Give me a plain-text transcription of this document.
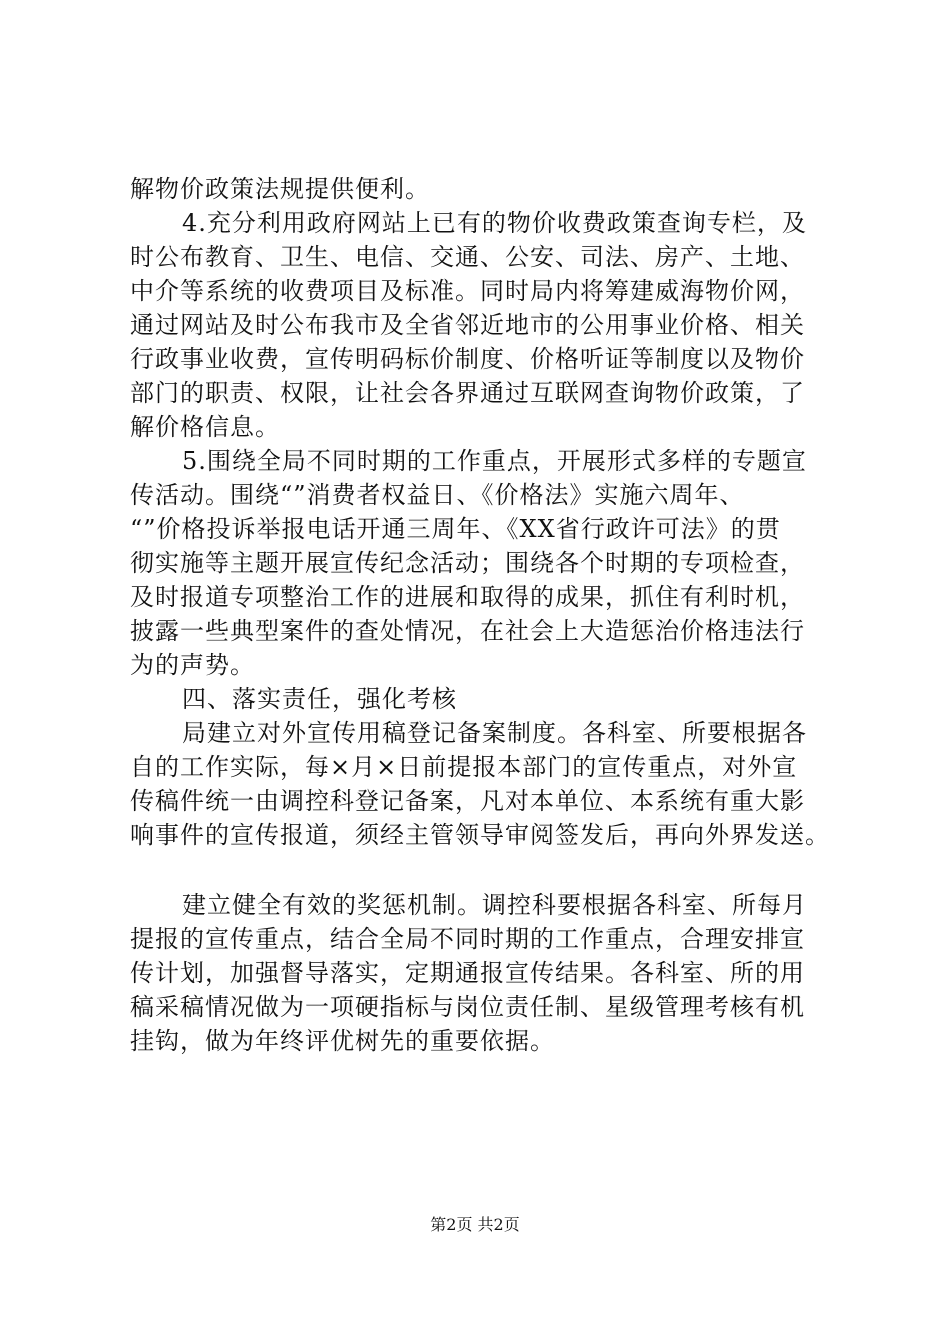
解物价政策法规提供便利。
4.充分利用政府网站上已有的物价收费政策查询专栏，及
时公布教育、卫生、电信、交通、公安、司法、房产、土地、
中介等系统的收费项目及标准。同时局内将筹建威海物价网，
通过网站及时公布我市及全省邻近地市的公用事业价格、相关
行政事业收费，宣传明码标价制度、价格听证等制度以及物价
部门的职责、权限，让社会各界通过互联网查询物价政策，了
解价格信息。
5.围绕全局不同时期的工作重点，开展形式多样的专题宣
传活动。围绕“”消费者权益日、《价格法》实施六周年、
“”价格投诉举报电话开通三周年、《XX省行政许可法》的贯
彻实施等主题开展宣传纪念活动；围绕各个时期的专项检查，
及时报道专项整治工作的进展和取得的成果，抓住有利时机，
披露一些典型案件的查处情况，在社会上大造惩治价格违法行
为的声势。
四、落实责任，强化考核
局建立对外宣传用稿登记备案制度。各科室、所要根据各
自的工作实际，每×月×日前提报本部门的宣传重点，对外宣
传稿件统一由调控科登记备案，凡对本单位、本系统有重大影
响事件的宣传报道，须经主管领导审阅签发后，再向外界发送。
建立健全有效的奖惩机制。调控科要根据各科室、所每月
提报的宣传重点，结合全局不同时期的工作重点，合理安排宣
传计划，加强督导落实，定期通报宣传结果。各科室、所的用
稿采稿情况做为一项硬指标与岗位责任制、星级管理考核有机
挂钩，做为年终评优树先的重要依据。
第2页 共2页
